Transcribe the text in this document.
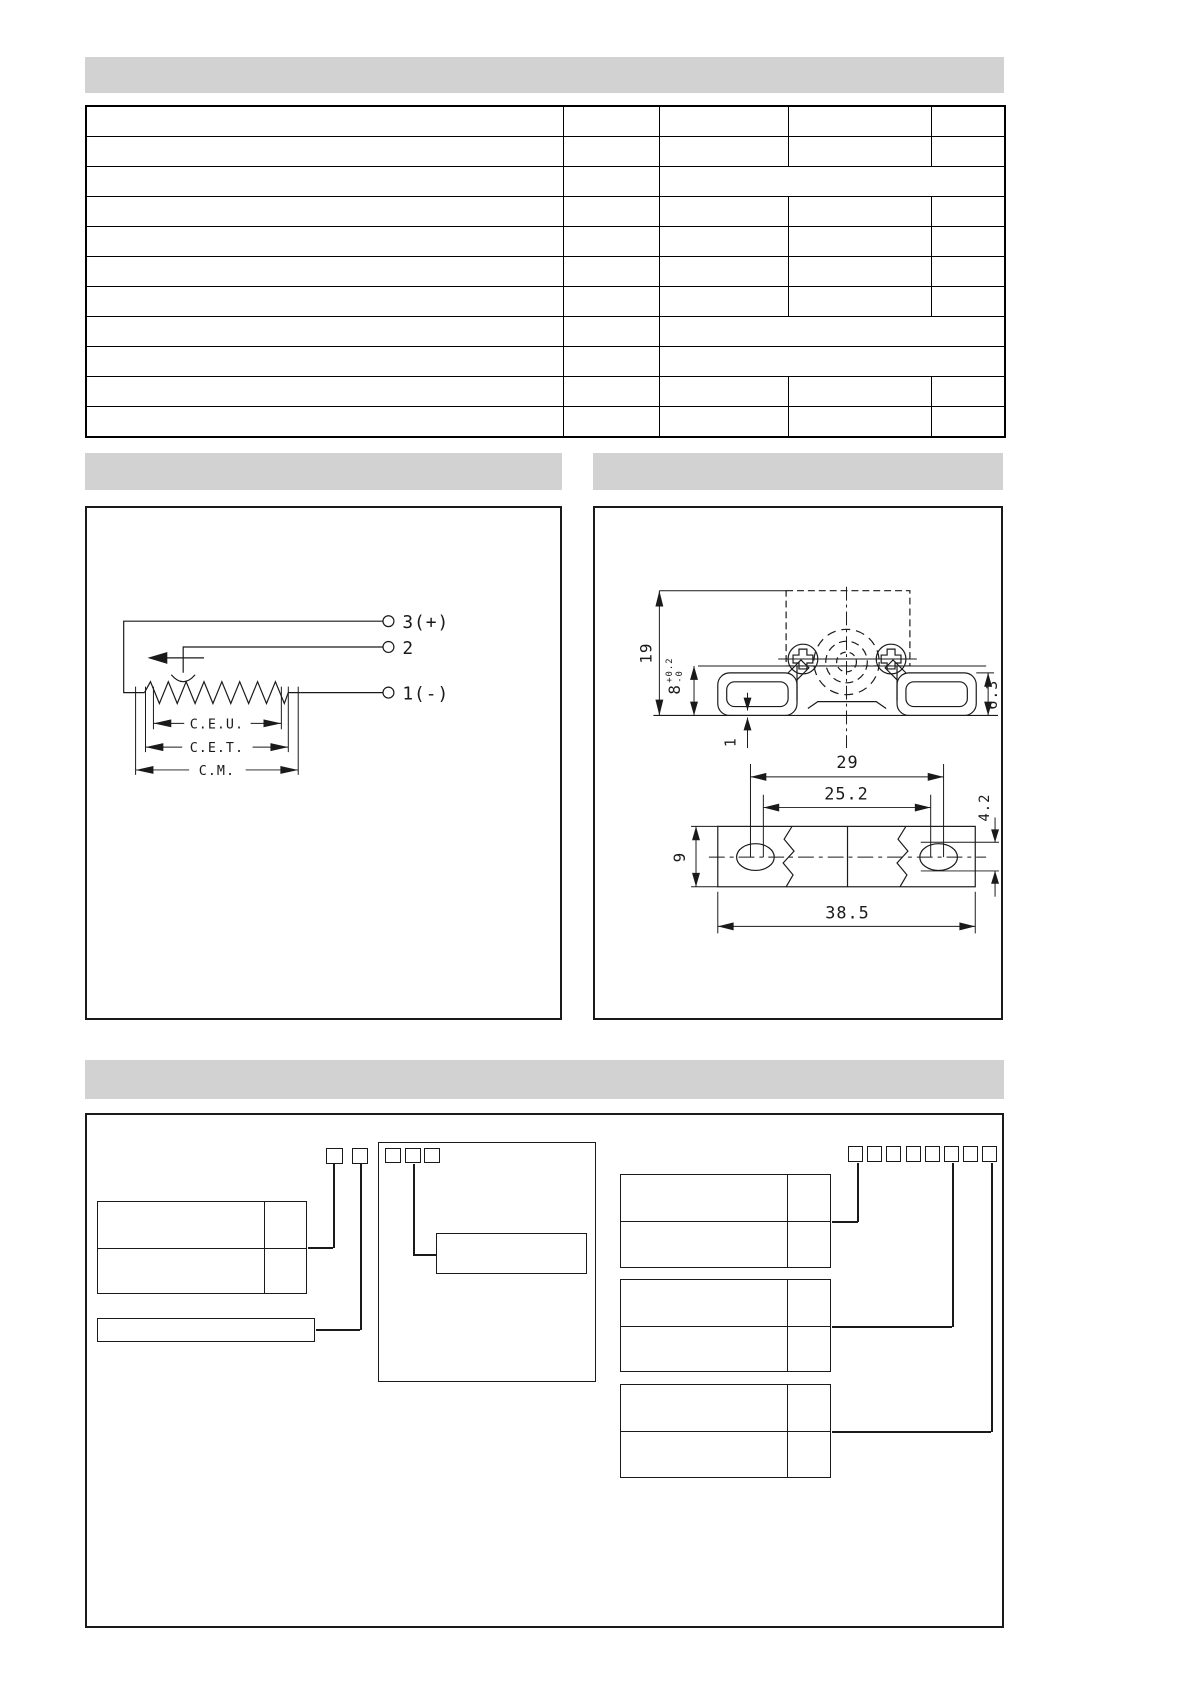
3(+)
2
1(-)
C.E.U.
C.E.T.
C.M.
19
8
+0.2 -0
1
6.3
29
25.2
9
4.2
38.5
